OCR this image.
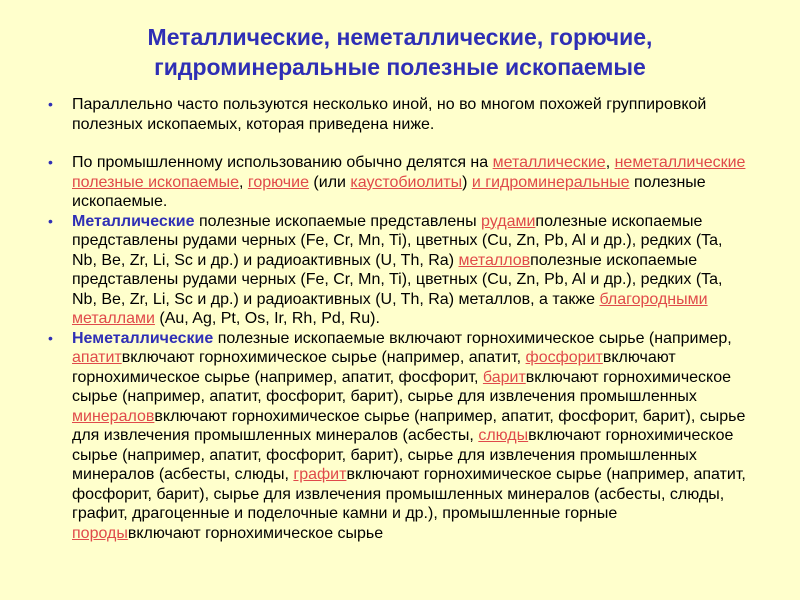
Металлические, неметаллические, горючие,
гидроминеральные полезные ископаемые

• Параллельно часто пользуются несколько иной, но во многом похожей группировкой полезных ископаемых, которая приведена ниже.

• По промышленному использованию обычно делятся на металлические, неметаллические полезные ископаемые, горючие (или каустобиолиты) и гидроминеральные полезные ископаемые.

• Металлические полезные ископаемые представлены рудамиполезные ископаемые представлены рудами черных (Fe, Cr, Mn, Ti), цветных (Cu, Zn, Pb, Al и др.), редких (Ta, Nb, Be, Zr, Li, Sc и др.) и радиоактивных (U, Th, Ra) металловполезные ископаемые представлены рудами черных (Fe, Cr, Mn, Ti), цветных (Cu, Zn, Pb, Al и др.), редких (Ta, Nb, Be, Zr, Li, Sc и др.) и радиоактивных (U, Th, Ra) металлов, а также благородными металлами (Au, Ag, Pt, Os, Ir, Rh, Pd, Ru).

• Неметаллические полезные ископаемые включают горнохимическое сырье (например, апатитвключают горнохимическое сырье (например, апатит, фосфоритвключают горнохимическое сырье (например, апатит, фосфорит, баритвключают горнохимическое сырье (например, апатит, фосфорит, барит), сырье для извлечения промышленных минераловвключают горнохимическое сырье (например, апатит, фосфорит, барит), сырье для извлечения промышленных минералов (асбесты, слюдывключают горнохимическое сырье (например, апатит, фосфорит, барит), сырье для извлечения промышленных минералов (асбесты, слюды, графитвключают горнохимическое сырье (например, апатит, фосфорит, барит), сырье для извлечения промышленных минералов (асбесты, слюды, графит, драгоценные и поделочные камни и др.), промышленные горные породывключают горнохимическое сырье
